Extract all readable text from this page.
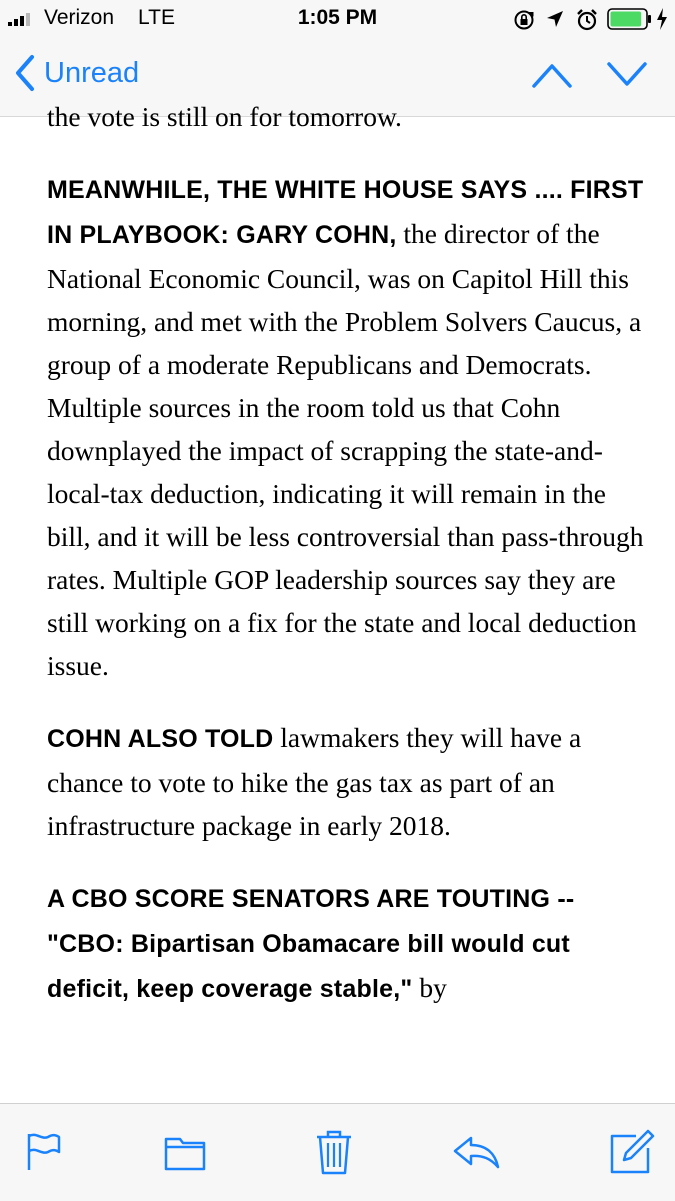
Verizon LTE	1:05 PM
Unread

the vote is still on for tomorrow.

MEANWHILE, THE WHITE HOUSE SAYS .... FIRST IN PLAYBOOK: GARY COHN, the director of the National Economic Council, was on Capitol Hill this morning, and met with the Problem Solvers Caucus, a group of a moderate Republicans and Democrats. Multiple sources in the room told us that Cohn downplayed the impact of scrapping the state-and-local-tax deduction, indicating it will remain in the bill, and it will be less controversial than pass-through rates. Multiple GOP leadership sources say they are still working on a fix for the state and local deduction issue.

COHN ALSO TOLD lawmakers they will have a chance to vote to hike the gas tax as part of an infrastructure package in early 2018.

A CBO SCORE SENATORS ARE TOUTING -- "CBO: Bipartisan Obamacare bill would cut deficit, keep coverage stable," by
